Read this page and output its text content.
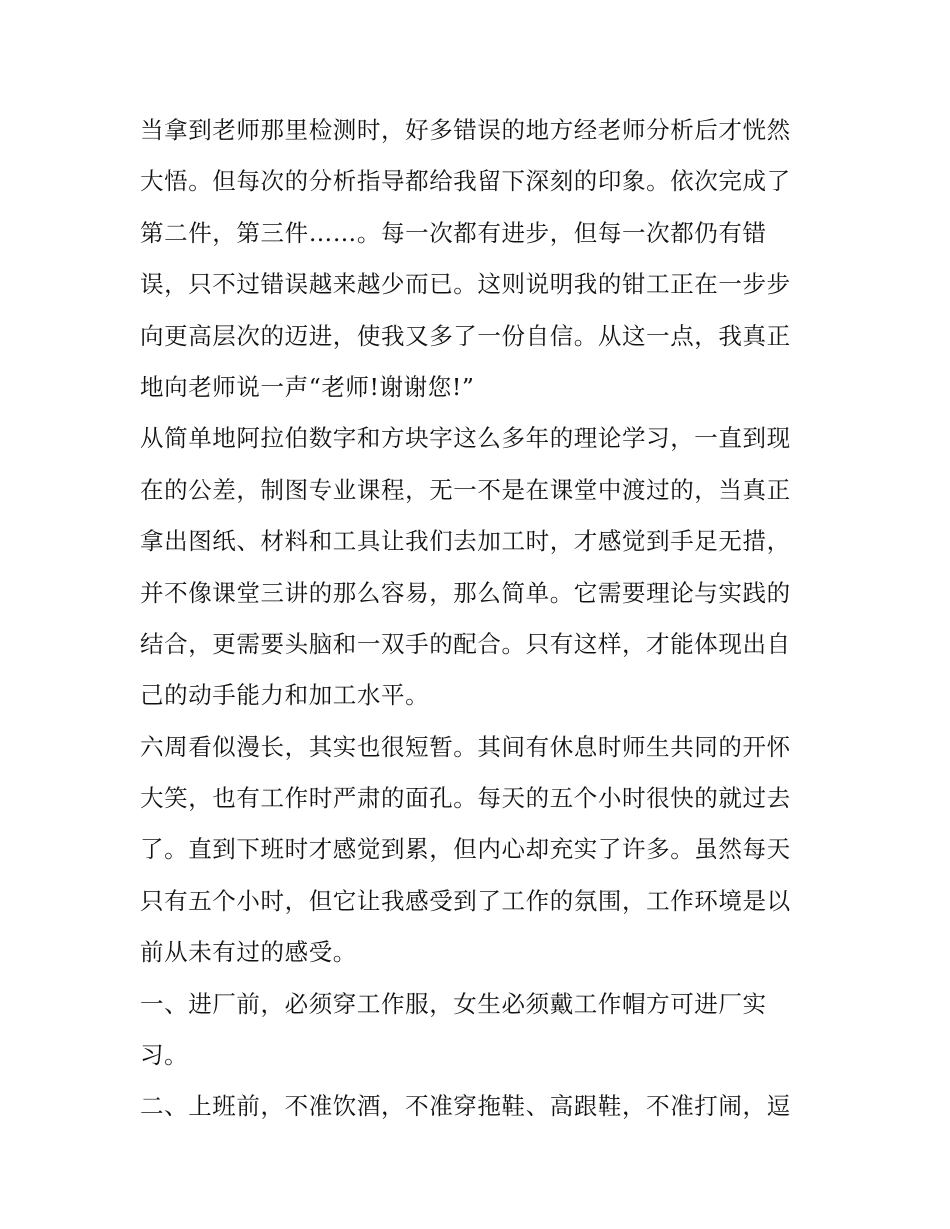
当拿到老师那里检测时，好多错误的地方经老师分析后才恍然
大悟。但每次的分析指导都给我留下深刻的印象。依次完成了
第二件，第三件……。每一次都有进步，但每一次都仍有错
误，只不过错误越来越少而已。这则说明我的钳工正在一步步
向更高层次的迈进，使我又多了一份自信。从这一点，我真正
地向老师说一声“老师!谢谢您!”
从简单地阿拉伯数字和方块字这么多年的理论学习，一直到现
在的公差，制图专业课程，无一不是在课堂中渡过的，当真正
拿出图纸、材料和工具让我们去加工时，才感觉到手足无措，
并不像课堂三讲的那么容易，那么简单。它需要理论与实践的
结合，更需要头脑和一双手的配合。只有这样，才能体现出自
己的动手能力和加工水平。
六周看似漫长，其实也很短暂。其间有休息时师生共同的开怀
大笑，也有工作时严肃的面孔。每天的五个小时很快的就过去
了。直到下班时才感觉到累，但内心却充实了许多。虽然每天
只有五个小时，但它让我感受到了工作的氛围，工作环境是以
前从未有过的感受。
一、进厂前，必须穿工作服，女生必须戴工作帽方可进厂实
习。
二、上班前，不准饮酒，不准穿拖鞋、高跟鞋，不准打闹，逗
